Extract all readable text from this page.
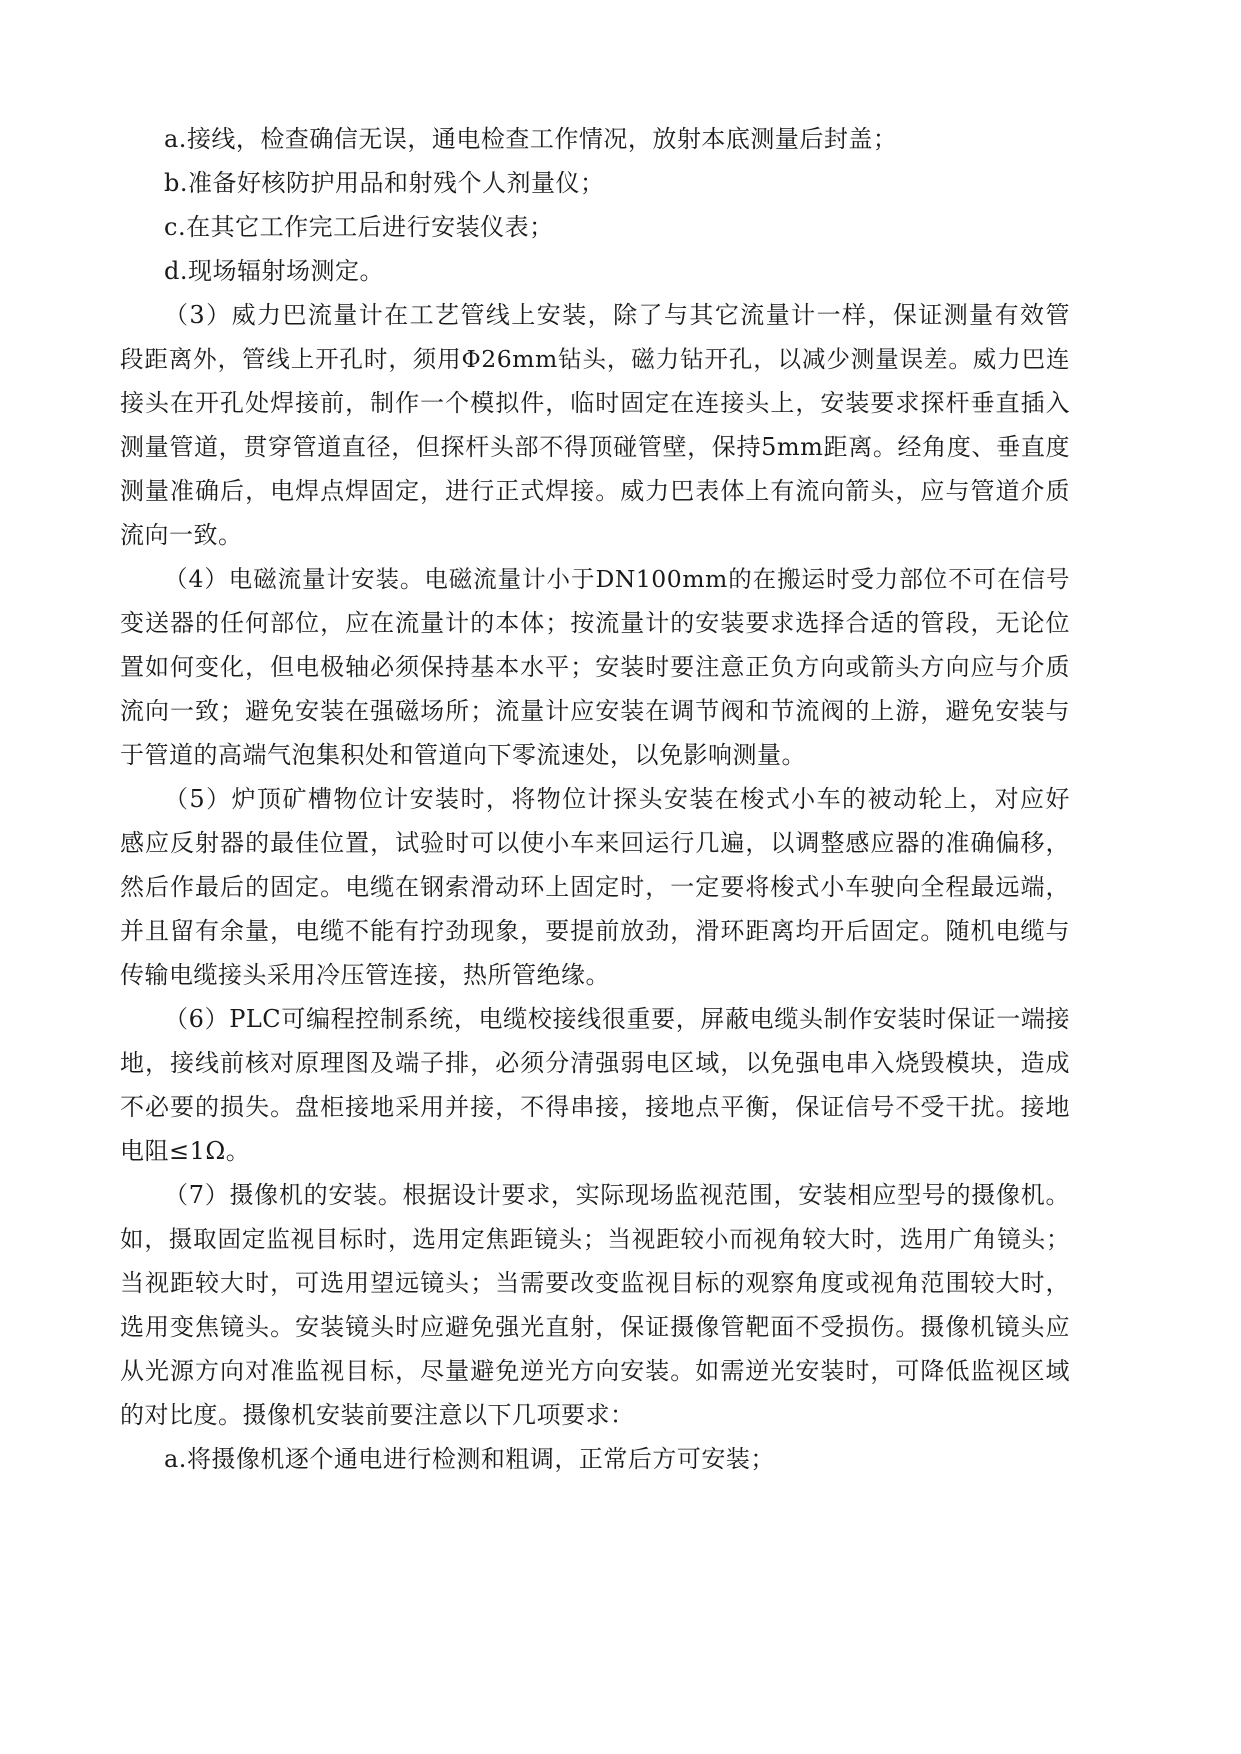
a.接线，检查确信无误，通电检查工作情况，放射本底测量后封盖；
b.准备好核防护用品和射残个人剂量仪；
c.在其它工作完工后进行安装仪表；
d.现场辐射场测定。
（3）威力巴流量计在工艺管线上安装，除了与其它流量计一样，保证测量有效管
段距离外，管线上开孔时，须用Φ26mm钻头，磁力钻开孔，以减少测量误差。威力巴连
接头在开孔处焊接前，制作一个模拟件，临时固定在连接头上，安装要求探杆垂直插入
测量管道，贯穿管道直径，但探杆头部不得顶碰管壁，保持5mm距离。经角度、垂直度
测量准确后，电焊点焊固定，进行正式焊接。威力巴表体上有流向箭头，应与管道介质
流向一致。
（4）电磁流量计安装。电磁流量计小于DN100mm的在搬运时受力部位不可在信号
变送器的任何部位，应在流量计的本体；按流量计的安装要求选择合适的管段，无论位
置如何变化，但电极轴必须保持基本水平；安装时要注意正负方向或箭头方向应与介质
流向一致；避免安装在强磁场所；流量计应安装在调节阀和节流阀的上游，避免安装与
于管道的高端气泡集积处和管道向下零流速处，以免影响测量。
（5）炉顶矿槽物位计安装时，将物位计探头安装在梭式小车的被动轮上，对应好
感应反射器的最佳位置，试验时可以使小车来回运行几遍，以调整感应器的准确偏移，
然后作最后的固定。电缆在钢索滑动环上固定时，一定要将梭式小车驶向全程最远端，
并且留有余量，电缆不能有拧劲现象，要提前放劲，滑环距离均开后固定。随机电缆与
传输电缆接头采用冷压管连接，热所管绝缘。
（6）PLC可编程控制系统，电缆校接线很重要，屏蔽电缆头制作安装时保证一端接
地，接线前核对原理图及端子排，必须分清强弱电区域，以免强电串入烧毁模块，造成
不必要的损失。盘柜接地采用并接，不得串接，接地点平衡，保证信号不受干扰。接地
电阻≤1Ω。
（7）摄像机的安装。根据设计要求，实际现场监视范围，安装相应型号的摄像机。
如，摄取固定监视目标时，选用定焦距镜头；当视距较小而视角较大时，选用广角镜头；
当视距较大时，可选用望远镜头；当需要改变监视目标的观察角度或视角范围较大时，
选用变焦镜头。安装镜头时应避免强光直射，保证摄像管靶面不受损伤。摄像机镜头应
从光源方向对准监视目标，尽量避免逆光方向安装。如需逆光安装时，可降低监视区域
的对比度。摄像机安装前要注意以下几项要求：
a.将摄像机逐个通电进行检测和粗调，正常后方可安装；
